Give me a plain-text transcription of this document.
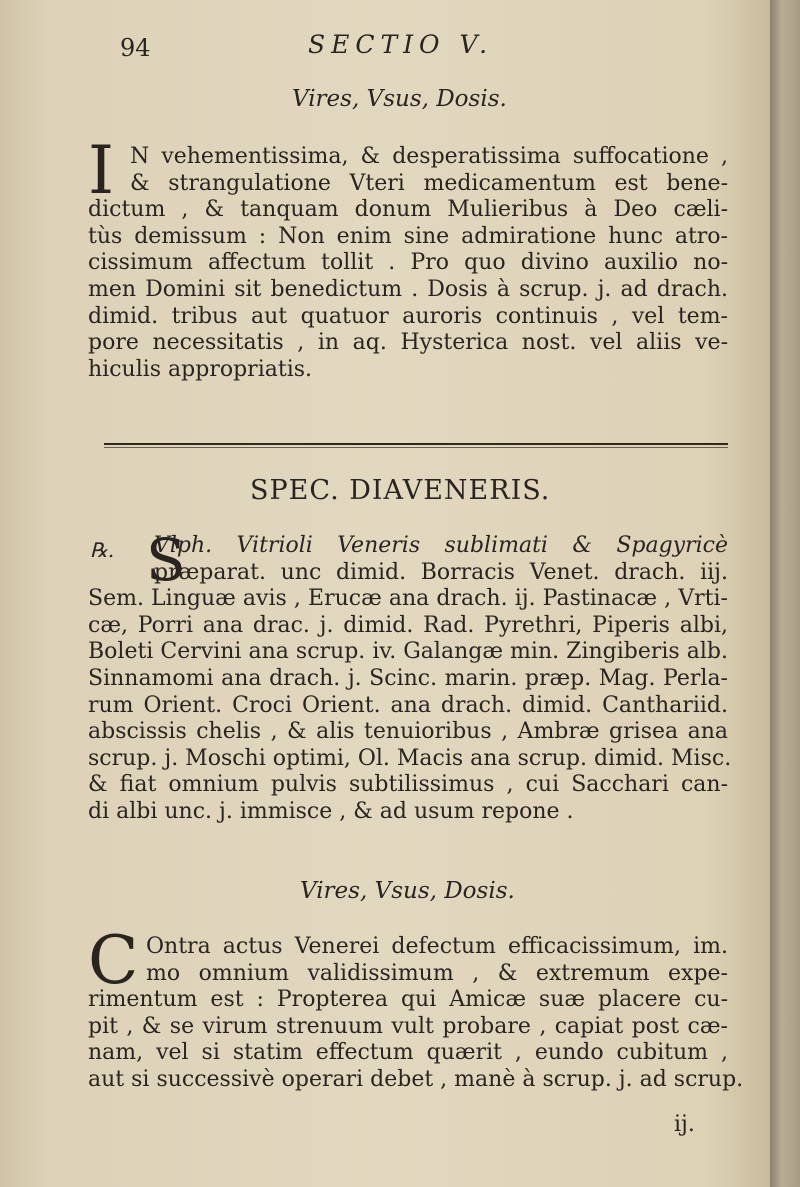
94	SECTIO V.
Vires, Vsus, Dosis.
I N vehementissima, & desperatissima suffocatione ,
& strangulatione Vteri medicamentum est bene-
dictum , & tanquam donum Mulieribus à Deo cæli-
tùs demissum : Non enim sine admiratione hunc atro-
cissimum affectum tollit . Pro quo divino auxilio no-
men Domini sit benedictum . Dosis à scrup. j. ad drach.
dimid. tribus aut quatuor auroris continuis , vel tem-
pore necessitatis , in aq. Hysterica nost. vel aliis ve-
hiculis appropriatis.
SPEC. DIAVENERIS.
℞. S
Vlph. Vitrioli Veneris sublimati & Spagyricè
præparat. unc dimid. Borracis Venet. drach. iij.
Sem. Linguæ avis , Erucæ ana drach. ij. Pastinacæ , Vrti-
cæ, Porri ana drac. j. dimid. Rad. Pyrethri, Piperis albi,
Boleti Cervini ana scrup. iv. Galangæ min. Zingiberis alb.
Sinnamomi ana drach. j. Scinc. marin. præp. Mag. Perla-
rum Orient. Croci Orient. ana drach. dimid. Canthariid.
abscissis chelis , & alis tenuioribus , Ambræ grisea ana
scrup. j. Moschi optimi, Ol. Macis ana scrup. dimid. Misc.
& fiat omnium pulvis subtilissimus , cui Sacchari can-
di albi unc. j. immisce , & ad usum repone .
Vires, Vsus, Dosis.
C Ontra actus Venerei defectum efficacissimum, im.
mo omnium validissimum , & extremum expe-
rimentum est : Propterea qui Amicæ suæ placere cu-
pit , & se virum strenuum vult probare , capiat post cæ-
nam, vel si statim effectum quærit , eundo cubitum ,
aut si successivè operari debet , manè à scrup. j. ad scrup.
ij.
